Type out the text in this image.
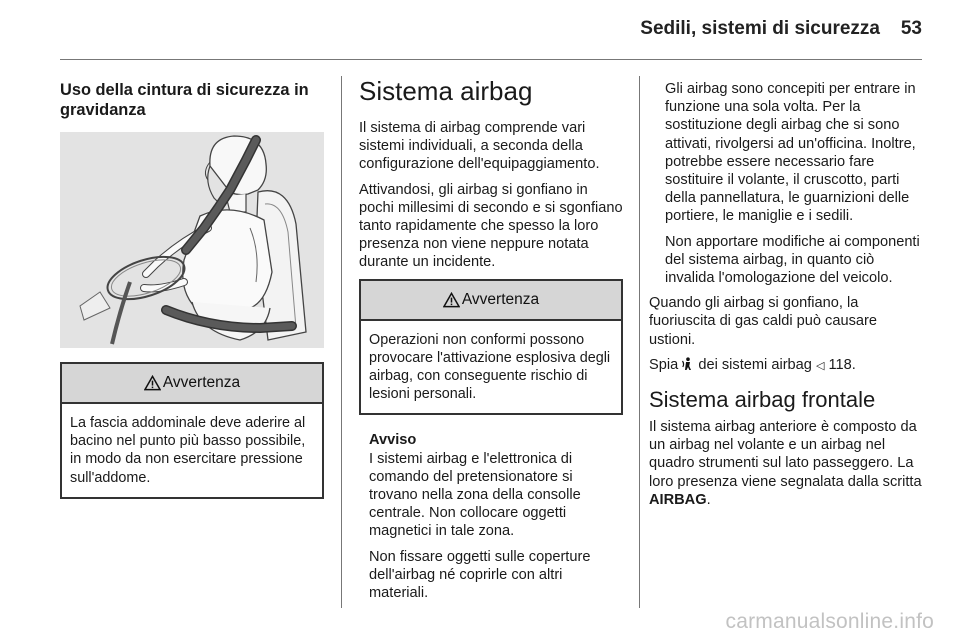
Sedili, sistemi di sicurezza	53
Uso della cintura di sicurezza in gravidanza
Avvertenza
La fascia addominale deve aderire al bacino nel punto più basso possibile, in modo da non esercitare pressione sull'addome.
Sistema airbag

Il sistema di airbag comprende vari sistemi individuali, a seconda della configurazione dell'equipaggiamento.

Attivandosi, gli airbag si gonfiano in pochi millesimi di secondo e si sgonfiano tanto rapidamente che spesso la loro presenza non viene neppure notata durante un incidente.

Avvertenza
Operazioni non conformi possono provocare l'attivazione esplosiva degli airbag, con conseguente rischio di lesioni personali.
Avviso

I sistemi airbag e l'elettronica di comando del pretensionatore si trovano nella zona della consolle centrale. Non collocare oggetti magnetici in tale zona.

Non fissare oggetti sulle coperture dell'airbag né coprirle con altri materiali.

Gli airbag sono concepiti per entrare in funzione una sola volta. Per la sostituzione degli airbag che si sono attivati, rivolgersi ad un'officina. Inoltre, potrebbe essere necessario fare sostituire il volante, il cruscotto, parti della pannellatura, le guarnizioni delle portiere, le maniglie e i sedili.

Non apportare modifiche ai componenti del sistema airbag, in quanto ciò invalida l'omologazione del veicolo.

Quando gli airbag si gonfiano, la fuoriuscita di gas caldi può causare ustioni.

Spia dei sistemi airbag ◁ 118.

Sistema airbag frontale

Il sistema airbag anteriore è composto da un airbag nel volante e un airbag nel quadro strumenti sul lato passeggero. La loro presenza viene segnalata dalla scritta AIRBAG.

carmanualsonline.info
